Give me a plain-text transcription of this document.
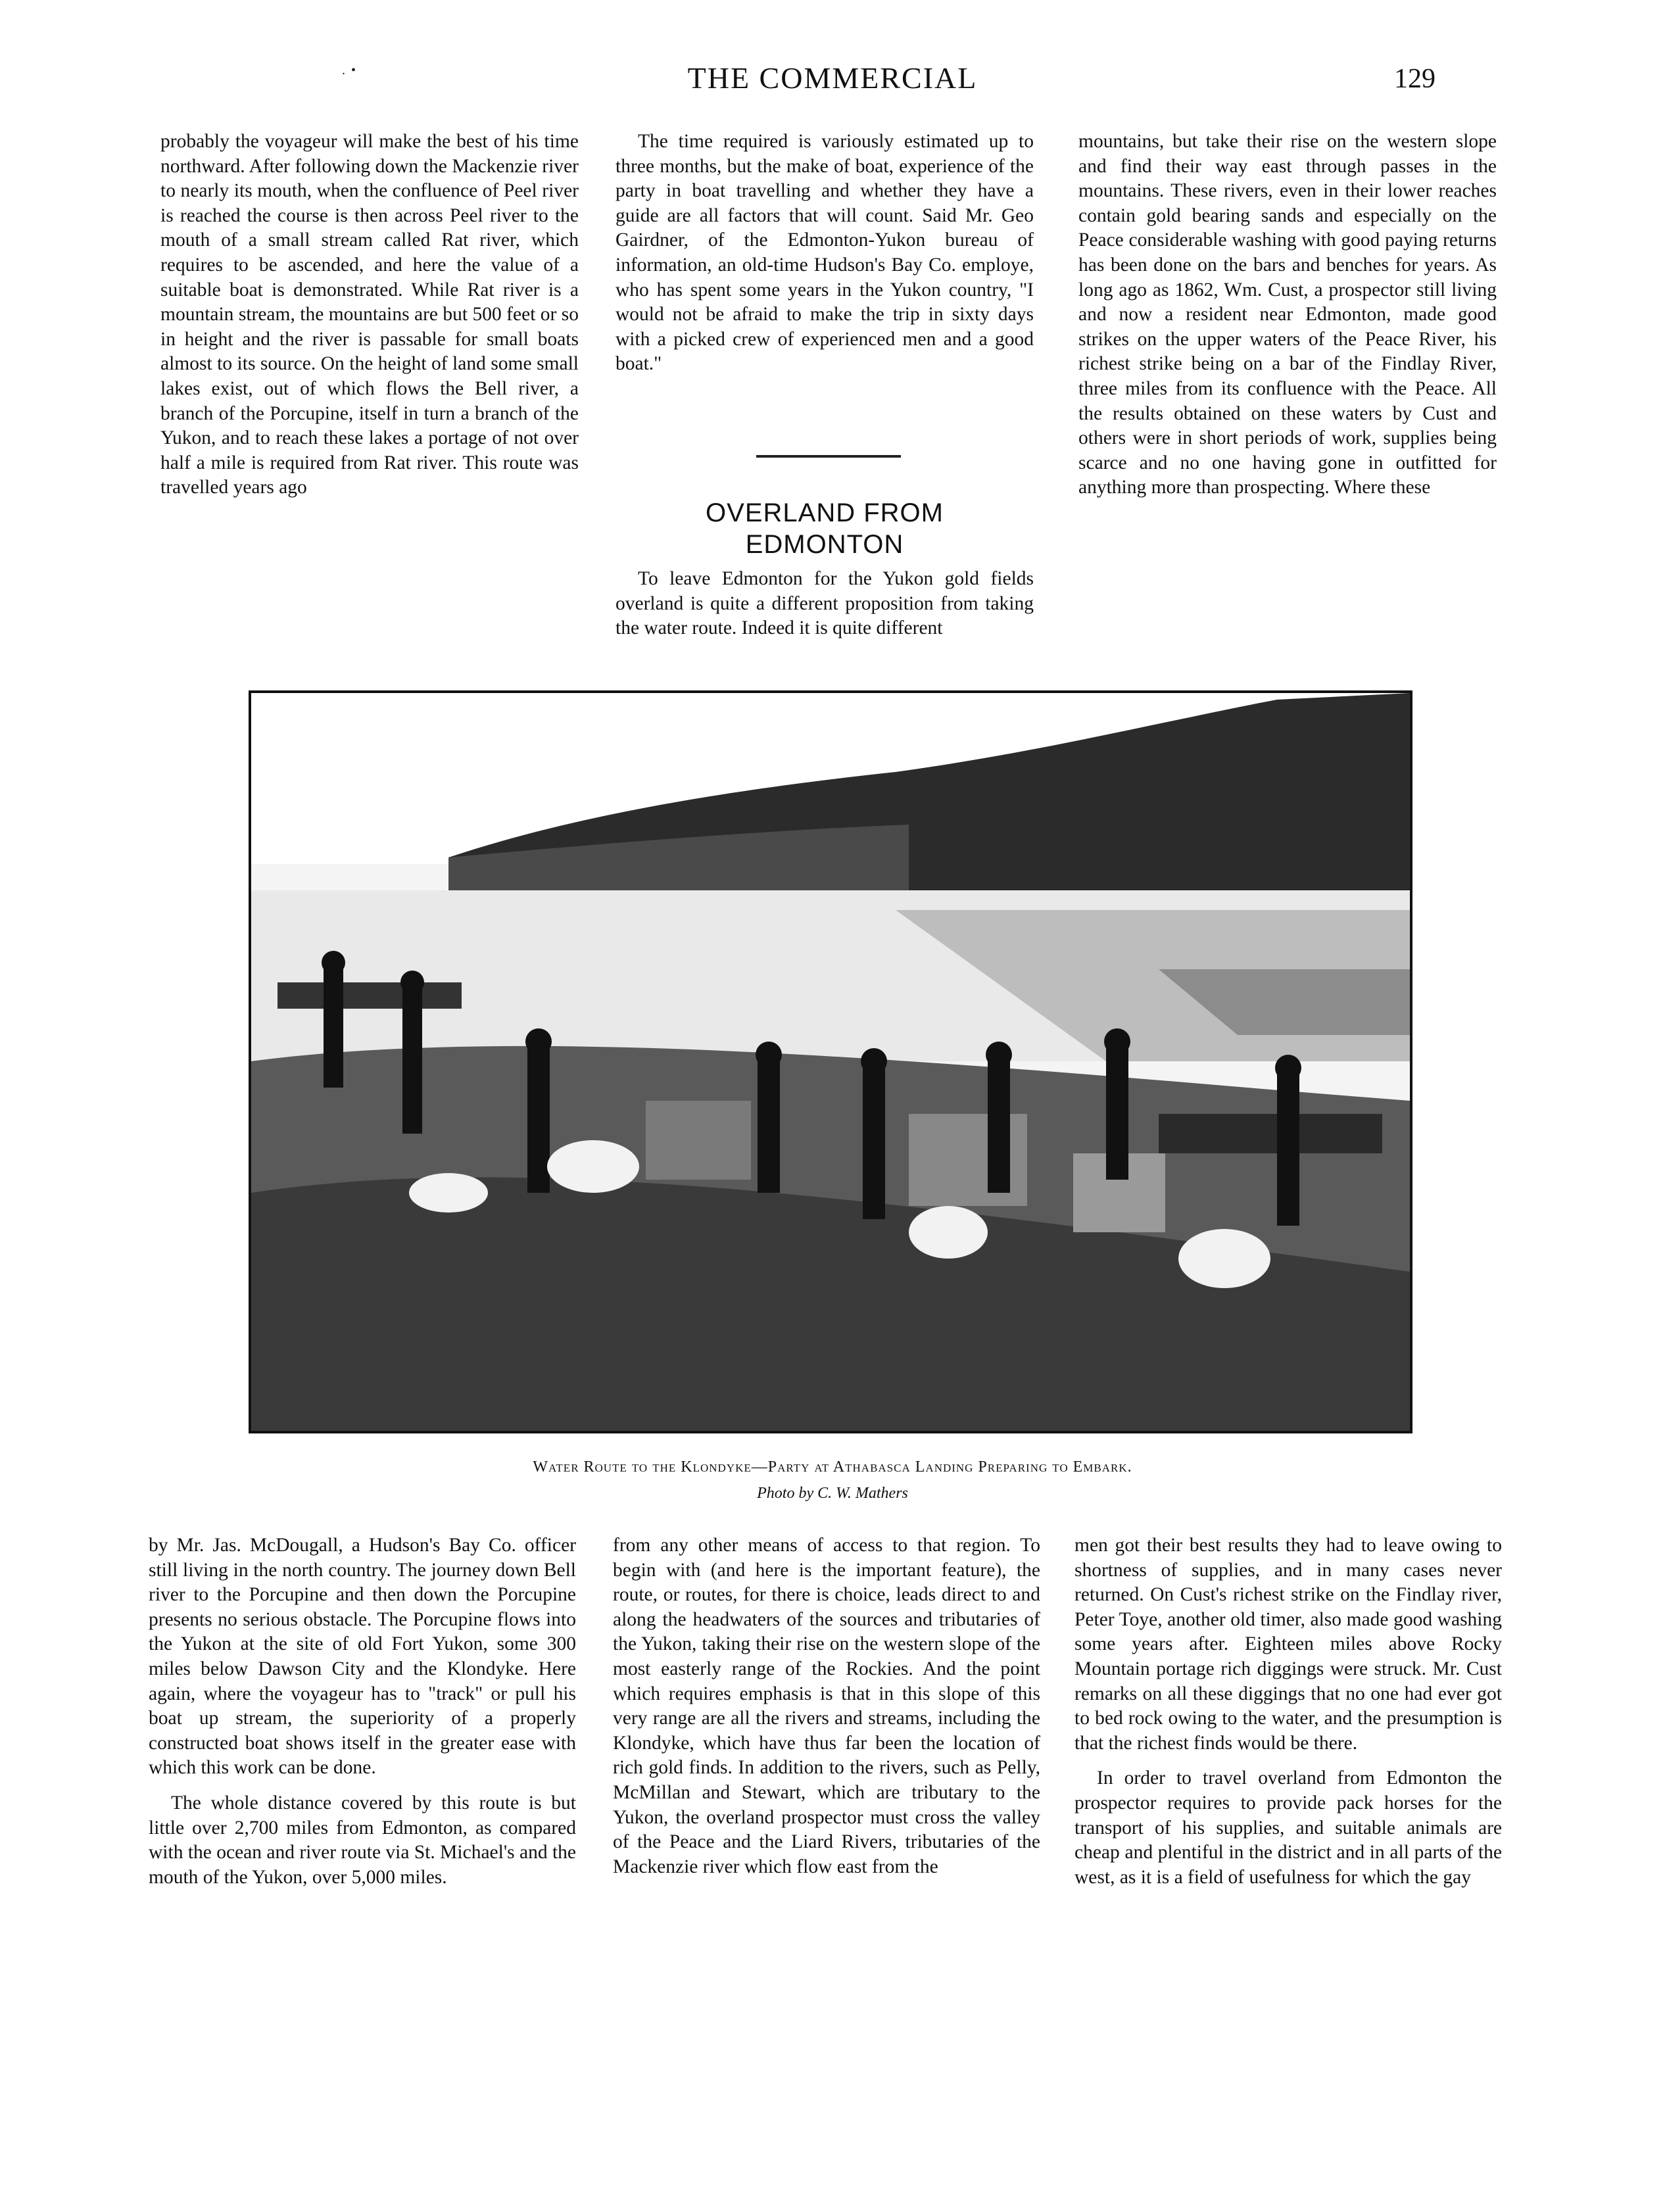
. •	THE COMMERCIAL	129

probably the voyageur will make the best of his time northward. After following down the Mackenzie river to nearly its mouth, when the confluence of Peel river is reached the course is then across Peel river to the mouth of a small stream called Rat river, which requires to be ascended, and here the value of a suitable boat is demonstrated. While Rat river is a mountain stream, the mountains are but 500 feet or so in height and the river is passable for small boats almost to its source. On the height of land some small lakes exist, out of which flows the Bell river, a branch of the Porcupine, itself in turn a branch of the Yukon, and to reach these lakes a portage of not over half a mile is required from Rat river. This route was travelled years ago

The time required is variously estimated up to three months, but the make of boat, experience of the party in boat travelling and whether they have a guide are all factors that will count. Said Mr. Geo Gairdner, of the Edmonton-Yukon bureau of information, an old-time Hudson's Bay Co. employe, who has spent some years in the Yukon country, "I would not be afraid to make the trip in sixty days with a picked crew of experienced men and a good boat."

OVERLAND FROM
EDMONTON

To leave Edmonton for the Yukon gold fields overland is quite a different proposition from taking the water route. Indeed it is quite different

mountains, but take their rise on the western slope and find their way east through passes in the mountains. These rivers, even in their lower reaches contain gold bearing sands and especially on the Peace considerable washing with good paying returns has been done on the bars and benches for years. As long ago as 1862, Wm. Cust, a prospector still living and now a resident near Edmonton, made good strikes on the upper waters of the Peace River, his richest strike being on a bar of the Findlay River, three miles from its confluence with the Peace. All the results obtained on these waters by Cust and others were in short periods of work, supplies being scarce and no one having gone in outfitted for anything more than prospecting. Where these

Water Route to the Klondyke—Party at Athabasca Landing Preparing to Embark.
Photo by C. W. Mathers

by Mr. Jas. McDougall, a Hudson's Bay Co. officer still living in the north country. The journey down Bell river to the Porcupine and then down the Porcupine presents no serious obstacle. The Porcupine flows into the Yukon at the site of old Fort Yukon, some 300 miles below Dawson City and the Klondyke. Here again, where the voyageur has to "track" or pull his boat up stream, the superiority of a properly constructed boat shows itself in the greater ease with which this work can be done.

The whole distance covered by this route is but little over 2,700 miles from Edmonton, as compared with the ocean and river route via St. Michael's and the mouth of the Yukon, over 5,000 miles.

from any other means of access to that region. To begin with (and here is the important feature), the route, or routes, for there is choice, leads direct to and along the headwaters of the sources and tributaries of the Yukon, taking their rise on the western slope of the most easterly range of the Rockies. And the point which requires emphasis is that in this slope of this very range are all the rivers and streams, including the Klondyke, which have thus far been the location of rich gold finds. In addition to the rivers, such as Pelly, McMillan and Stewart, which are tributary to the Yukon, the overland prospector must cross the valley of the Peace and the Liard Rivers, tributaries of the Mackenzie river which flow east from the

men got their best results they had to leave owing to shortness of supplies, and in many cases never returned. On Cust's richest strike on the Findlay river, Peter Toye, another old timer, also made good washing some years after. Eighteen miles above Rocky Mountain portage rich diggings were struck. Mr. Cust remarks on all these diggings that no one had ever got to bed rock owing to the water, and the presumption is that the richest finds would be there.

In order to travel overland from Edmonton the prospector requires to provide pack horses for the transport of his supplies, and suitable animals are cheap and plentiful in the district and in all parts of the west, as it is a field of usefulness for which the gay
